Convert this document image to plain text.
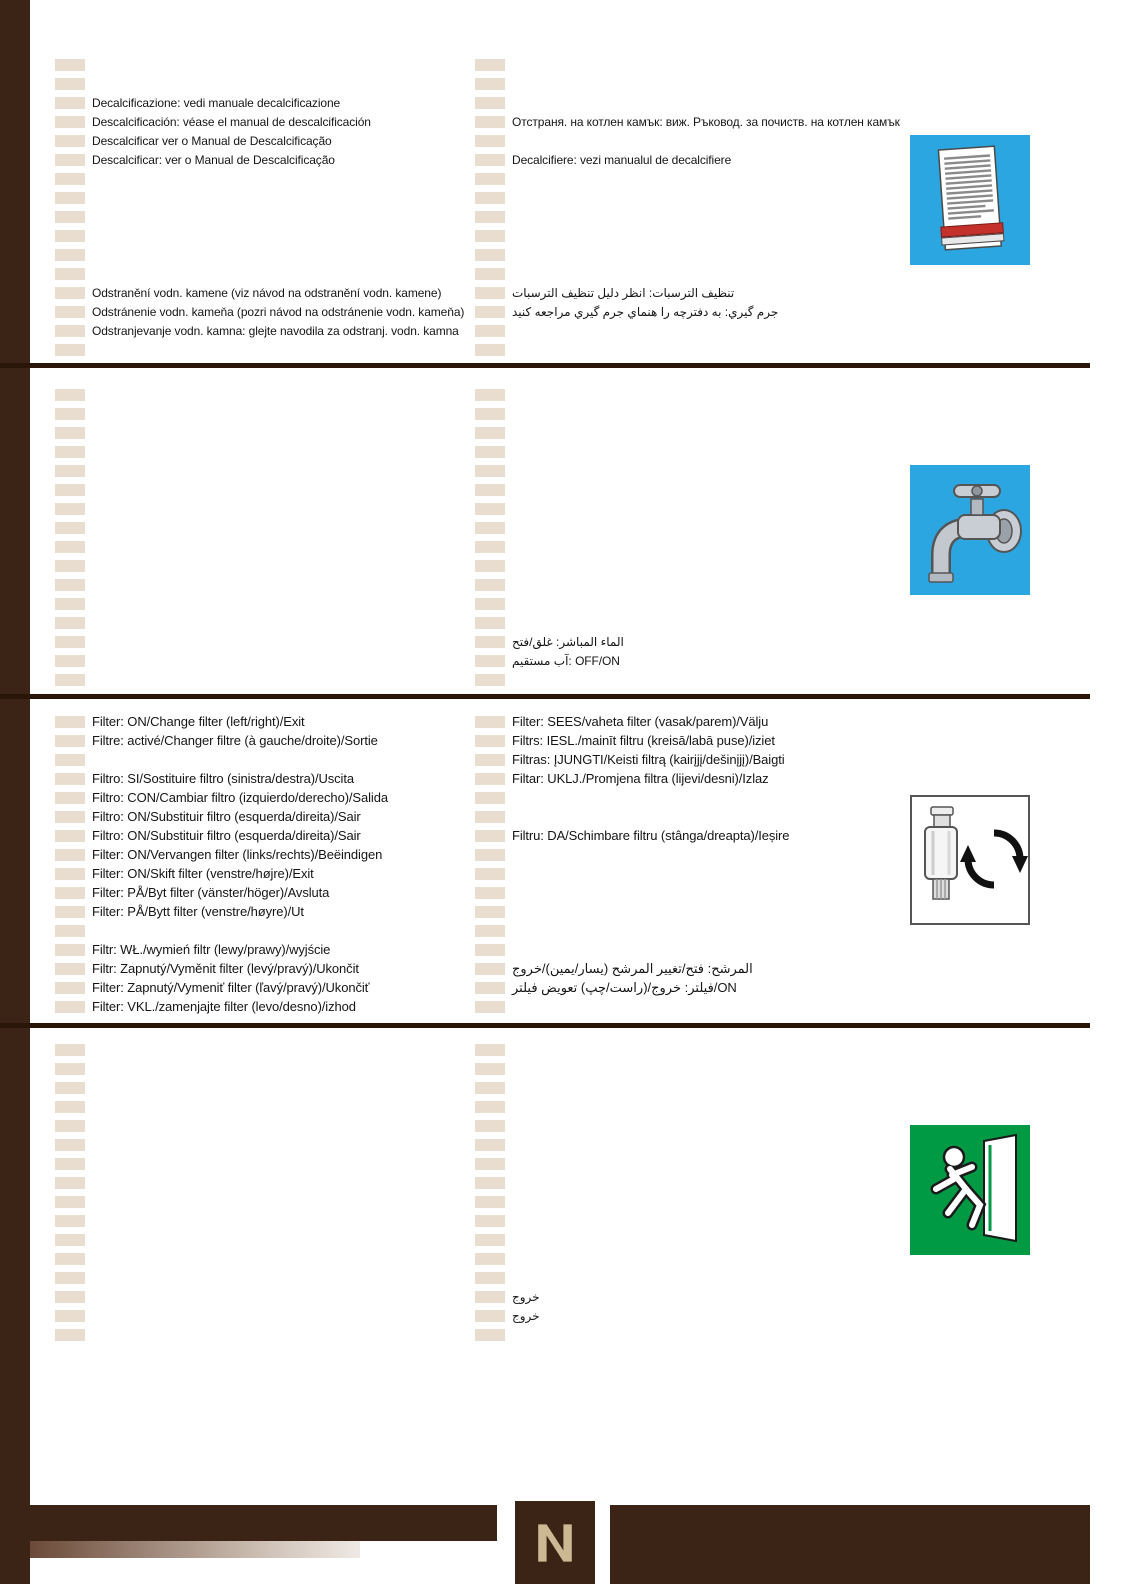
Decalcificazione: vedi manuale decalcificazione
Descalcificación: véase el manual de descalcificación
Descalcificar ver o Manual de Descalcificação
Descalcificar: ver o Manual de Descalcificação
Odstranění vodn. kamene (viz návod na odstranění vodn. kamene)
Odstránenie vodn. kameňa (pozri návod na odstránenie vodn. kameňa)
Odstranjevanje vodn. kamna: glejte navodila za odstranj. vodn. kamna
Отстраня. на котлен камък: виж. Ръковод. за почиств. на котлен камък
Decalcifiere: vezi manualul de decalcifiere
تنظيف الترسبات: انظر دليل تنظيف الترسبات
جرم گيري: به دفترچه را هنماي جرم گيري مراجعه كنيد
الماء المباشر: غلق/فتح
آب مستقيم: OFF/ON
Filter: ON/Change filter (left/right)/Exit
Filtre: activé/Changer filtre (à gauche/droite)/Sortie
Filtro: SI/Sostituire filtro (sinistra/destra)/Uscita
Filtro: CON/Cambiar filtro (izquierdo/derecho)/Salida
Filtro: ON/Substituir filtro (esquerda/direita)/Sair
Filtro: ON/Substituir filtro (esquerda/direita)/Sair
Filter: ON/Vervangen filter (links/rechts)/Beëindigen
Filter: ON/Skift filter (venstre/højre)/Exit
Filter: PÅ/Byt filter (vänster/höger)/Avsluta
Filter: PÅ/Bytt filter (venstre/høyre)/Ut
Filtr: WŁ./wymień filtr (lewy/prawy)/wyjście
Filtr: Zapnutý/Vyměnit filter (levý/pravý)/Ukončit
Filter: Zapnutý/Vymeniť filter (ľavý/pravý)/Ukončiť
Filter: VKL./zamenjajte filter (levo/desno)/izhod
Filter: SEES/vaheta filter (vasak/parem)/Välju
Filtrs: IESL./mainīt filtru (kreisā/labā puse)/iziet
Filtras: ĮJUNGTI/Keisti filtrą (kairįjį/dešinįjį)/Baigti
Filtar: UKLJ./Promjena filtra (lijevi/desni)/Izlaz
Filtru: DA/Schimbare filtru (stânga/dreapta)/Ieșire
المرشح: فتح/تغيير المرشح (يسار/يمين)/خروج
فيلتر: خروج/(راست/چپ) تعويض فيلتر/ON
خروج
خروج
